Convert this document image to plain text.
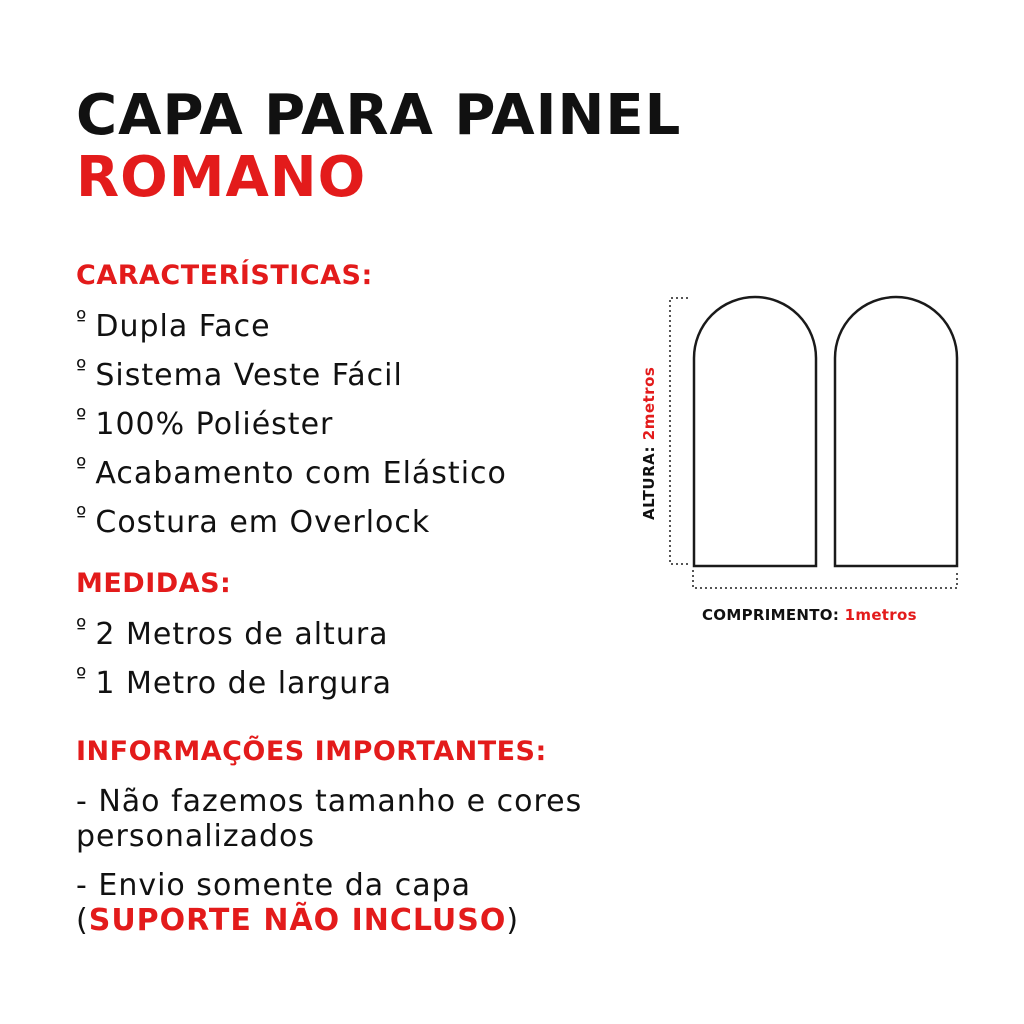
CAPA PARA PAINEL
ROMANO
CARACTERÍSTICAS:
$^º$ Dupla Face
$^º$ Sistema Veste Fácil
$^º$ 100% Poliéster
$^º$ Acabamento com Elástico
$^º$ Costura em Overlock
MEDIDAS:
$^º$ 2 Metros de altura
$^º$ 1 Metro de largura
INFORMAÇÕES IMPORTANTES:
- Não fazemos tamanho e cores
personalizados
- Envio somente da capa
(SUPORTE NÃO INCLUSO)
ALTURA: 2metros
COMPRIMENTO: 1metros
